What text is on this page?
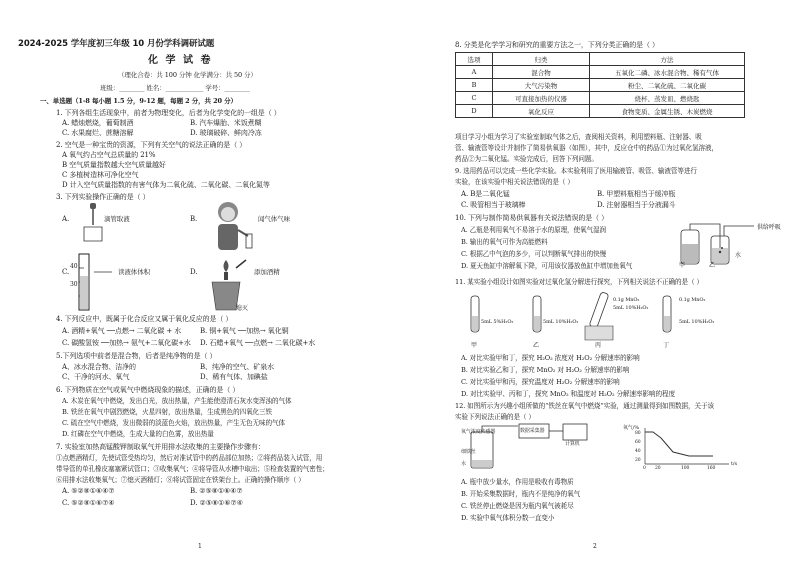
2024-2025 学年度初三年级 10 月份学科调研试题
化 学 试 卷
（理化合卷：共 100 分钟 化学满分：共 50 分）
班级：________ 姓名：____________ 学号：________
一、单选题（1-8 每小题 1.5 分，9-12 题，每题 2 分，共 20 分）
1. 下列各组生活现象中，前者为物理变化，后者为化学变化的一组是（ ）
A. 蜡烛燃烧，葡萄制酒	B. 汽车爆胎、米饭煮糊
C. 水果腐烂、蔗糖溶解	D. 玻璃破碎、鲜肉冷冻
2. 空气是一种宝贵的资源，下列有关空气的说法正确的是（ ）
A 氧气约占空气总质量的 21%
B 空气质量指数越大空气质量越好
C 多植树造林可净化空气
D 计入空气质量指数的有害气体为二氧化硫、二氧化碳、二氧化氮等
3. 下列实验操作正确的是（ ）
A.	滴管取液	B.	闻气体气味
C.
40
30
读液体体积	D.	添加酒精
熄灭
4. 下列反应中，既属于化合反应又属于氧化反应的是（ ）
A. 酒精+氧气 ──点燃→ 二氧化碳 + 水	B. 铜+氧气 ──加热→ 氧化铜
C. 碳酸氢铵 ──加热→ 氨气+二氧化碳+水 D. 石蜡+氧气 ──点燃→ 二氧化碳+水
5.下列选项中前者是混合物，后者是纯净物的是（ ）
A、冰水混合物、洁净的	B、纯净的空气、矿泉水
C、干净的河水、氧气	D、稀有气体、加碘盐
6. 下列物质在空气或氧气中燃烧现象的描述，正确的是（ ）
A. 木炭在氧气中燃烧，发出白光，放出热量，产生能使澄清石灰水变浑浊的气体
B. 铁丝在氧气中剧烈燃烧，火星四射，放出热量，生成黑色的四氧化三铁
C. 硫在空气中燃烧，发出微弱的淡蓝色火焰，放出热量，产生无色无味的气体
D. 红磷在空气中燃烧，生成大量的白色雾，放出热量
7. 实验室加热高锰酸钾制取氧气并用排水法收集的主要操作步骤有：
①点燃酒精灯，先使试管受热均匀，然后对准试管中的药品部位加热；②将药品装入试管，用
带导管的单孔橡皮塞塞紧试管口；③收集氧气；④将导管从水槽中取出；⑤检查装置的气密性；
⑥用排水法收集氧气；⑦熄灭酒精灯；⑧将试管固定在铁架台上。正确的操作顺序（ ）
A. ⑤②⑧①⑥④⑦	B. ②⑤⑧①⑥④⑦
C. ⑤②⑧①⑥⑦④	D. ②⑤⑧①⑥⑦④
1
8. 分类是化学学习和研究的重要方法之一，下列分类正确的是（ ）
选项	归类	方法
A	混合物	五氧化二磷、冰水混合物、稀有气体
B	大气污染物	粉尘、二氧化硫、二氧化碳
C	可直接加热的仪器	烧杯、蒸发皿、燃烧匙
D	氧化反应	食物变质、金属生锈、木炭燃烧
项目学习小组为学习了实验室制取气体之后，查阅相关资料，利用塑料瓶、注射器、吸
管、输液管等设计并制作了简易供氧器（如图），其中，反应仓中的药品①为过氧化氢溶液，
药品②为二氧化锰。实验完成后，回答下列问题。
9. 选用药品可以完成一些化学实验。本实验利用了医用输液管、吸管、输液管等进行
实验，在该实验中相关说法错误的是（ ）
A. B是二氧化锰	B. 甲塑料瓶相当于缓冲瓶
C. 吸管相当于玻璃棒	D. 注射器相当于分液漏斗
10. 下列与制作简易供氧器有关说法错误的是（ ）
A. 乙瓶是利用氧气不易溶于水的原理，使氧气湿润
B. 输出的氧气可作为高能燃料
C. 根据乙中气泡的多少，可以判断氧气排出的快慢
D. 夏天鱼缸中溶解氧下降，可用该仪器放鱼缸中增加鱼氧气
供给呼吸
甲	乙
水
11. 某实验小组设计如图实验对过氧化氢分解进行探究，下列相关说法不正确的是（ ）
甲	乙	丙	丁
5mL 5%H₂O₂	5mL 10%H₂O₂
5mL 10%H₂O₂
5mL 10%H₂O₂
0.1g MnO₂	0.1g MnO₂
A. 对比实验甲和丁，探究 H₂O₂ 浓度对 H₂O₂ 分解速率的影响
B. 对比实验乙和丁，探究 MnO₂ 对 H₂O₂ 分解速率的影响
C. 对比实验甲和丙，探究温度对 H₂O₂ 分解速率的影响
D. 对比实验甲、丙和丁，探究 MnO₂ 和温度对 H₂O₂ 分解速率影响的程度
12. 如图所示为兴趣小组所做的“铁丝在氧气中燃烧”实验，通过测量得到如图数据，关于该
实验下列说法正确的是（ ）
氧气浓度传感器	数据采集器
计算机
细铁丝
水
氧气/%
t/s
80
60
40
20
0 20	100	160
A. 瓶中放少量水，作用是吸收有毒物质
B. 开始采集数据时，瓶内不是纯净的氧气
C. 铁丝停止燃烧是因为瓶内氧气被耗尽
D. 实验中氧气体积分数一直变小
2
